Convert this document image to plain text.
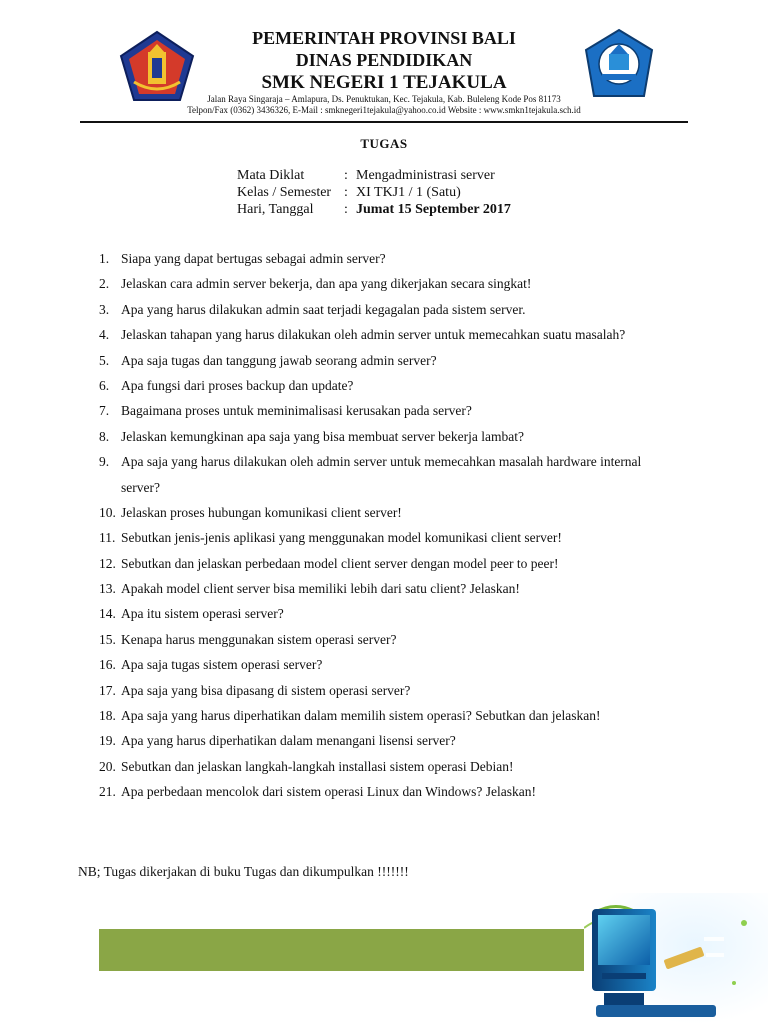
PEMERINTAH PROVINSI BALI
DINAS PENDIDIKAN
SMK NEGERI 1 TEJAKULA
Jalan Raya Singaraja – Amlapura, Ds. Penuktukan, Kec. Tejakula, Kab. Buleleng Kode Pos 81173
Telpon/Fax (0362) 3436326, E-Mail : smknegeri1tejakula@yahoo.co.id Website : www.smkn1tejakula.sch.id
TUGAS
Mata Diklat	: Mengadministrasi server
Kelas / Semester : XI TKJ1 / 1 (Satu)
Hari, Tanggal : Jumat 15 September 2017
1. Siapa yang dapat bertugas sebagai admin server?
2. Jelaskan cara admin server bekerja, dan apa yang dikerjakan secara singkat!
3. Apa yang harus dilakukan admin saat terjadi kegagalan pada sistem server.
4. Jelaskan tahapan yang harus dilakukan oleh admin server untuk memecahkan suatu masalah?
5. Apa saja tugas dan tanggung jawab seorang admin server?
6. Apa fungsi dari proses backup dan update?
7. Bagaimana proses untuk meminimalisasi kerusakan pada server?
8. Jelaskan kemungkinan apa saja yang bisa membuat server bekerja lambat?
9. Apa saja yang harus dilakukan oleh admin server untuk memecahkan masalah hardware internal server?
10. Jelaskan proses hubungan komunikasi client server!
11. Sebutkan jenis-jenis aplikasi yang menggunakan model komunikasi client server!
12. Sebutkan dan jelaskan perbedaan model client server dengan model peer to peer!
13. Apakah model client server bisa memiliki lebih dari satu client? Jelaskan!
14. Apa itu sistem operasi server?
15. Kenapa harus menggunakan sistem operasi server?
16. Apa saja tugas sistem operasi server?
17. Apa saja yang bisa dipasang di sistem operasi server?
18. Apa saja yang harus diperhatikan dalam memilih sistem operasi? Sebutkan dan jelaskan!
19. Apa yang harus diperhatikan dalam menangani lisensi server?
20. Sebutkan dan jelaskan langkah-langkah installasi sistem operasi Debian!
21. Apa perbedaan mencolok dari sistem operasi Linux dan Windows? Jelaskan!
NB; Tugas dikerjakan di buku Tugas dan dikumpulkan !!!!!!!
